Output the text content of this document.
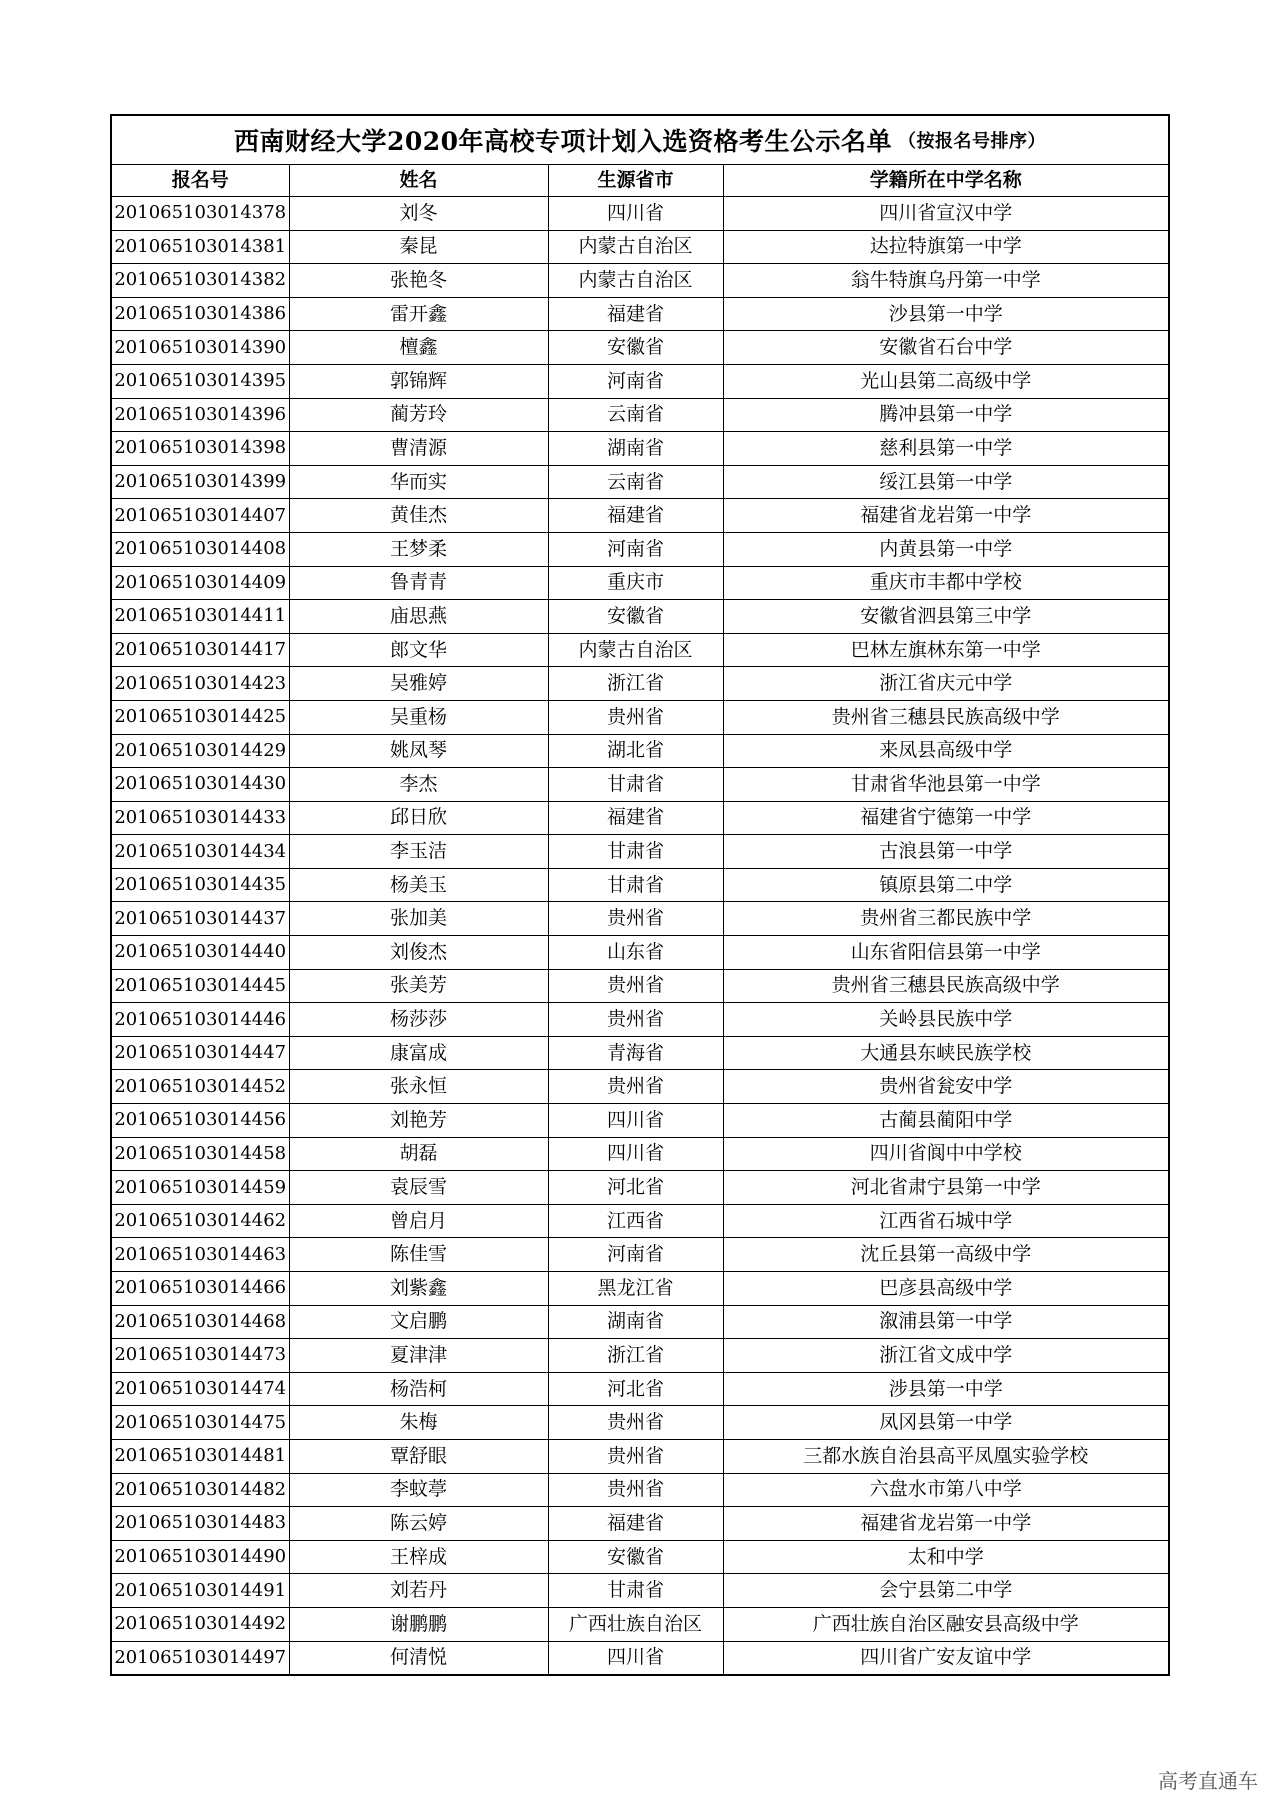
西南财经大学2020年高校专项计划入选资格考生公示名单 （按报名号排序）
报名号	姓名	生源省市	学籍所在中学名称
201065103014378	刘冬	四川省	四川省宣汉中学
201065103014381	秦昆	内蒙古自治区	达拉特旗第一中学
201065103014382	张艳冬	内蒙古自治区	翁牛特旗乌丹第一中学
201065103014386	雷开鑫	福建省	沙县第一中学
201065103014390	檀鑫	安徽省	安徽省石台中学
201065103014395	郭锦辉	河南省	光山县第二高级中学
201065103014396	蔺芳玲	云南省	腾冲县第一中学
201065103014398	曹清源	湖南省	慈利县第一中学
201065103014399	华而实	云南省	绥江县第一中学
201065103014407	黄佳杰	福建省	福建省龙岩第一中学
201065103014408	王梦柔	河南省	内黄县第一中学
201065103014409	鲁青青	重庆市	重庆市丰都中学校
201065103014411	庙思燕	安徽省	安徽省泗县第三中学
201065103014417	郎文华	内蒙古自治区	巴林左旗林东第一中学
201065103014423	吴雅婷	浙江省	浙江省庆元中学
201065103014425	吴重杨	贵州省	贵州省三穗县民族高级中学
201065103014429	姚凤琴	湖北省	来凤县高级中学
201065103014430	李杰	甘肃省	甘肃省华池县第一中学
201065103014433	邱日欣	福建省	福建省宁德第一中学
201065103014434	李玉洁	甘肃省	古浪县第一中学
201065103014435	杨美玉	甘肃省	镇原县第二中学
201065103014437	张加美	贵州省	贵州省三都民族中学
201065103014440	刘俊杰	山东省	山东省阳信县第一中学
201065103014445	张美芳	贵州省	贵州省三穗县民族高级中学
201065103014446	杨莎莎	贵州省	关岭县民族中学
201065103014447	康富成	青海省	大通县东峡民族学校
201065103014452	张永恒	贵州省	贵州省瓮安中学
201065103014456	刘艳芳	四川省	古蔺县蔺阳中学
201065103014458	胡磊	四川省	四川省阆中中学校
201065103014459	袁辰雪	河北省	河北省肃宁县第一中学
201065103014462	曾启月	江西省	江西省石城中学
201065103014463	陈佳雪	河南省	沈丘县第一高级中学
201065103014466	刘紫鑫	黑龙江省	巴彦县高级中学
201065103014468	文启鹏	湖南省	溆浦县第一中学
201065103014473	夏津津	浙江省	浙江省文成中学
201065103014474	杨浩柯	河北省	涉县第一中学
201065103014475	朱梅	贵州省	凤冈县第一中学
201065103014481	覃舒眼	贵州省	三都水族自治县高平凤凰实验学校
201065103014482	李蚊葶	贵州省	六盘水市第八中学
201065103014483	陈云婷	福建省	福建省龙岩第一中学
201065103014490	王梓成	安徽省	太和中学
201065103014491	刘若丹	甘肃省	会宁县第二中学
201065103014492	谢鹏鹏	广西壮族自治区	广西壮族自治区融安县高级中学
201065103014497	何清悦	四川省	四川省广安友谊中学
高考直通车
